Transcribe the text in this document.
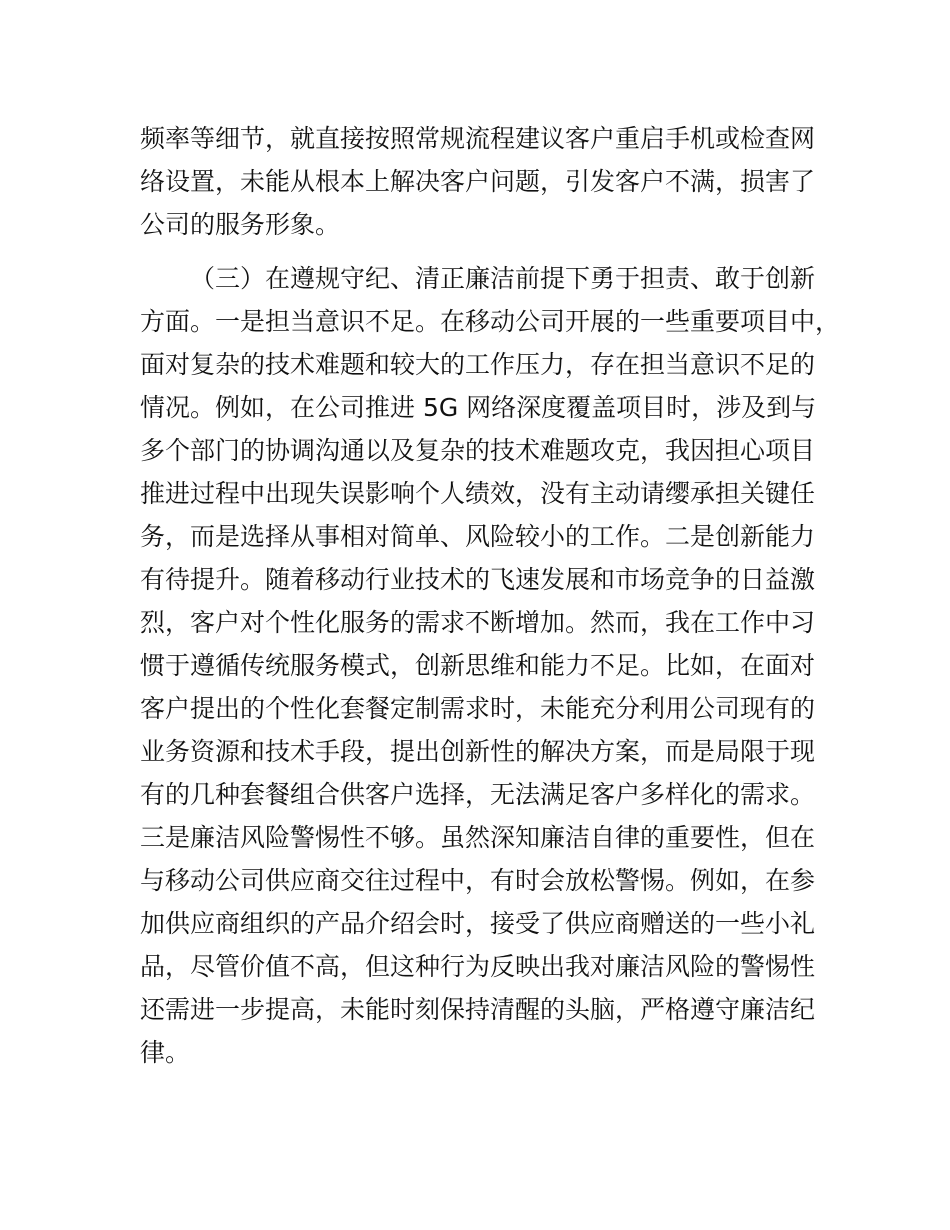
频率等细节，就直接按照常规流程建议客户重启手机或检查网
络设置，未能从根本上解决客户问题，引发客户不满，损害了
公司的服务形象。
（三）在遵规守纪、清正廉洁前提下勇于担责、敢于创新
方面。一是担当意识不足。在移动公司开展的一些重要项目中，
面对复杂的技术难题和较大的工作压力，存在担当意识不足的
情况。例如，在公司推进 5G 网络深度覆盖项目时，涉及到与
多个部门的协调沟通以及复杂的技术难题攻克，我因担心项目
推进过程中出现失误影响个人绩效，没有主动请缨承担关键任
务，而是选择从事相对简单、风险较小的工作。二是创新能力
有待提升。随着移动行业技术的飞速发展和市场竞争的日益激
烈，客户对个性化服务的需求不断增加。然而，我在工作中习
惯于遵循传统服务模式，创新思维和能力不足。比如，在面对
客户提出的个性化套餐定制需求时，未能充分利用公司现有的
业务资源和技术手段，提出创新性的解决方案，而是局限于现
有的几种套餐组合供客户选择，无法满足客户多样化的需求。
三是廉洁风险警惕性不够。虽然深知廉洁自律的重要性，但在
与移动公司供应商交往过程中，有时会放松警惕。例如，在参
加供应商组织的产品介绍会时，接受了供应商赠送的一些小礼
品，尽管价值不高，但这种行为反映出我对廉洁风险的警惕性
还需进一步提高，未能时刻保持清醒的头脑，严格遵守廉洁纪
律。
